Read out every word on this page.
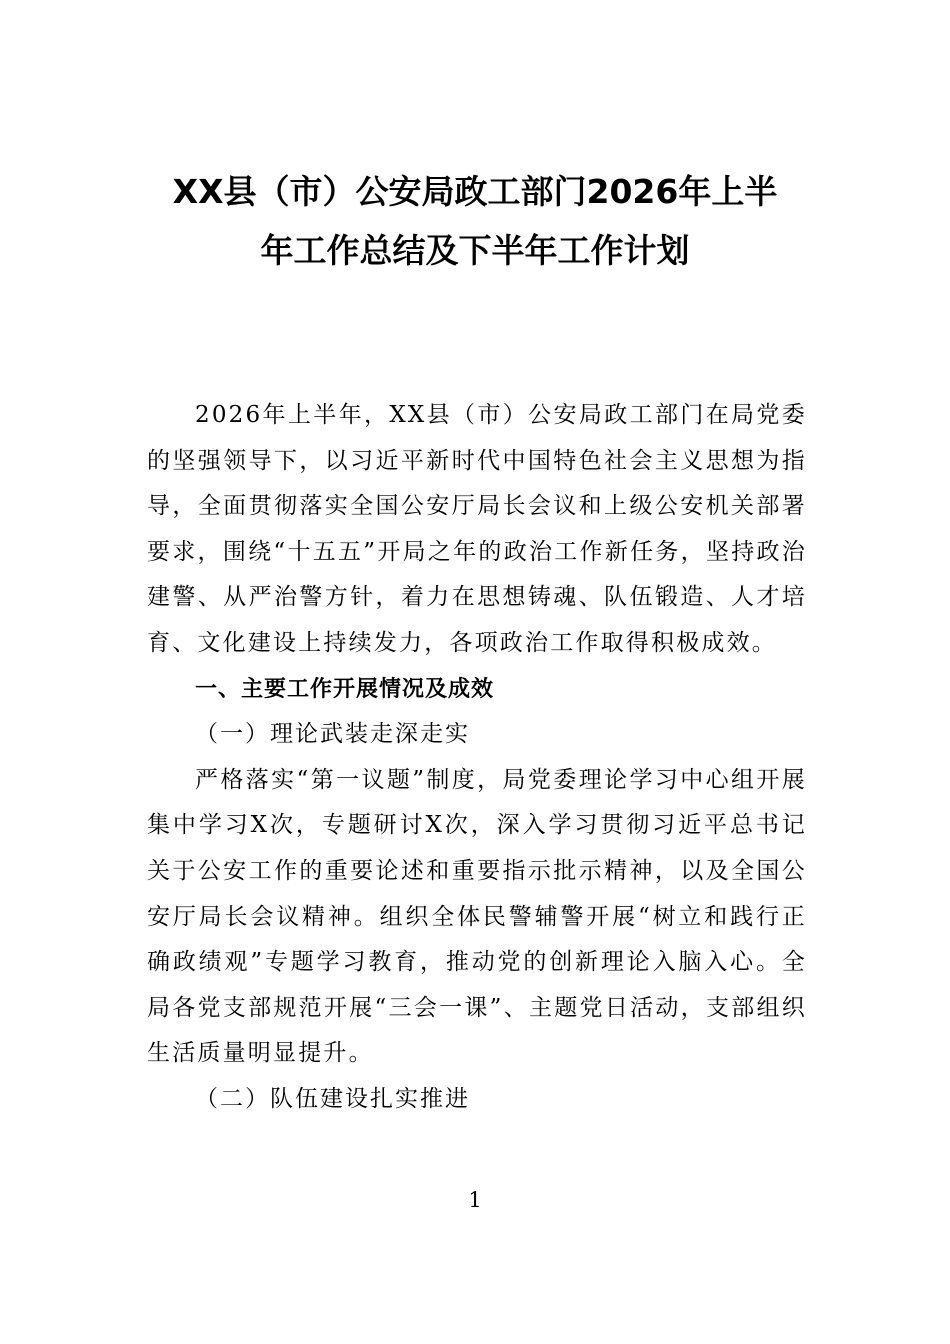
XX县（市）公安局政工部门2026年上半
年工作总结及下半年工作计划

2026年上半年，XX县（市）公安局政工部门在局党委的坚强领导下，以习近平新时代中国特色社会主义思想为指导，全面贯彻落实全国公安厅局长会议和上级公安机关部署要求，围绕“十五五”开局之年的政治工作新任务，坚持政治建警、从严治警方针，着力在思想铸魂、队伍锻造、人才培育、文化建设上持续发力，各项政治工作取得积极成效。

一、主要工作开展情况及成效

（一）理论武装走深走实

严格落实“第一议题”制度，局党委理论学习中心组开展集中学习X次，专题研讨X次，深入学习贯彻习近平总书记关于公安工作的重要论述和重要指示批示精神，以及全国公安厅局长会议精神。组织全体民警辅警开展“树立和践行正确政绩观”专题学习教育，推动党的创新理论入脑入心。全局各党支部规范开展“三会一课”、主题党日活动，支部组织生活质量明显提升。

（二）队伍建设扎实推进

1
